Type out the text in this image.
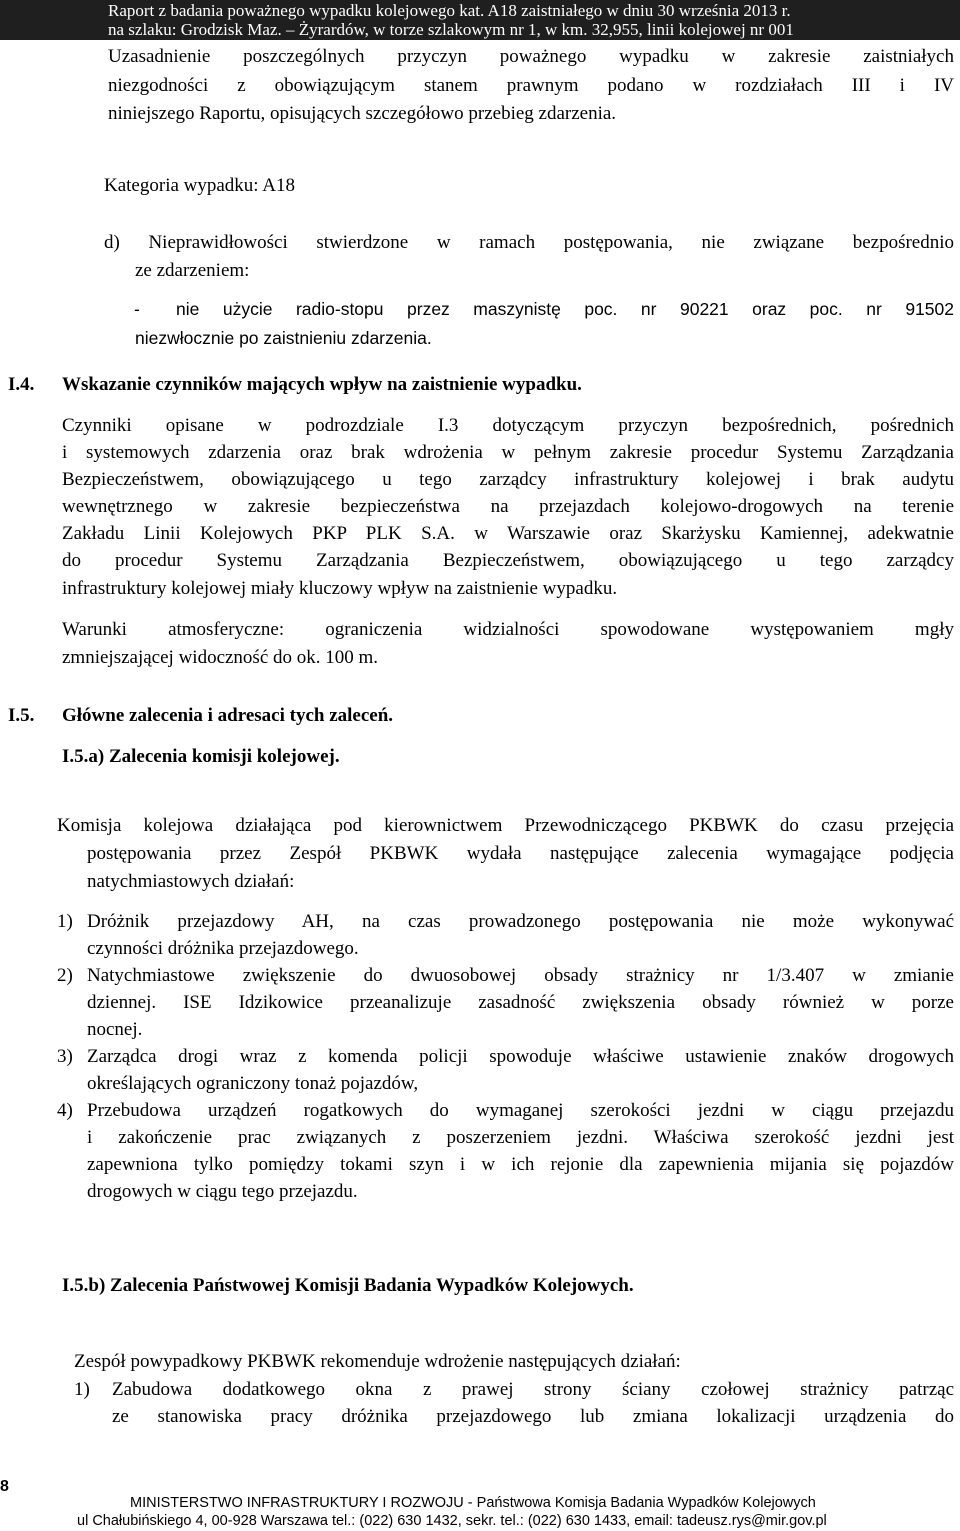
Raport z badania poważnego wypadku kolejowego kat. A18 zaistniałego w dniu 30 września 2013 r.
na szlaku: Grodzisk Maz. – Żyrardów, w torze szlakowym nr 1, w km. 32,955, linii kolejowej nr 001
Uzasadnienie poszczególnych przyczyn poważnego wypadku w zakresie zaistniałych
niezgodności z obowiązującym stanem prawnym podano w rozdziałach III i IV
niniejszego Raportu, opisujących szczegółowo przebieg zdarzenia.
Kategoria wypadku: A18
d) Nieprawidłowości stwierdzone w ramach postępowania, nie związane bezpośrednio
ze zdarzeniem:
- nie użycie radio-stopu przez maszynistę poc. nr 90221 oraz poc. nr 91502
niezwłocznie po zaistnieniu zdarzenia.
I.4. Wskazanie czynników mających wpływ na zaistnienie wypadku.
Czynniki opisane w podrozdziale I.3 dotyczącym przyczyn bezpośrednich, pośrednich
i systemowych zdarzenia oraz brak wdrożenia w pełnym zakresie procedur Systemu Zarządzania
Bezpieczeństwem, obowiązującego u tego zarządcy infrastruktury kolejowej i brak audytu
wewnętrznego w zakresie bezpieczeństwa na przejazdach kolejowo-drogowych na terenie
Zakładu Linii Kolejowych PKP PLK S.A. w Warszawie oraz Skarżysku Kamiennej, adekwatnie
do procedur Systemu Zarządzania Bezpieczeństwem, obowiązującego u tego zarządcy
infrastruktury kolejowej miały kluczowy wpływ na zaistnienie wypadku.
Warunki atmosferyczne: ograniczenia widzialności spowodowane występowaniem mgły
zmniejszającej widoczność do ok. 100 m.
I.5. Główne zalecenia i adresaci tych zaleceń.
I.5.a) Zalecenia komisji kolejowej.
Komisja kolejowa działająca pod kierownictwem Przewodniczącego PKBWK do czasu przejęcia
postępowania przez Zespół PKBWK wydała następujące zalecenia wymagające podjęcia
natychmiastowych działań:
1) Dróżnik przejazdowy AH, na czas prowadzonego postępowania nie może wykonywać
czynności dróżnika przejazdowego.
2) Natychmiastowe zwiększenie do dwuosobowej obsady strażnicy nr 1/3.407 w zmianie
dziennej. ISE Idzikowice przeanalizuje zasadność zwiększenia obsady również w porze
nocnej.
3) Zarządca drogi wraz z komenda policji spowoduje właściwe ustawienie znaków drogowych
określających ograniczony tonaż pojazdów,
4) Przebudowa urządzeń rogatkowych do wymaganej szerokości jezdni w ciągu przejazdu
i zakończenie prac związanych z poszerzeniem jezdni. Właściwa szerokość jezdni jest
zapewniona tylko pomiędzy tokami szyn i w ich rejonie dla zapewnienia mijania się pojazdów
drogowych w ciągu tego przejazdu.
I.5.b) Zalecenia Państwowej Komisji Badania Wypadków Kolejowych.
Zespół powypadkowy PKBWK rekomenduje wdrożenie następujących działań:
1) Zabudowa dodatkowego okna z prawej strony ściany czołowej strażnicy patrząc
ze stanowiska pracy dróżnika przejazdowego lub zmiana lokalizacji urządzenia do
8
MINISTERSTWO INFRASTRUKTURY I ROZWOJU - Państwowa Komisja Badania Wypadków Kolejowych
ul Chałubińskiego 4, 00-928 Warszawa tel.: (022) 630 1432, sekr. tel.: (022) 630 1433, email: tadeusz.rys@mir.gov.pl
